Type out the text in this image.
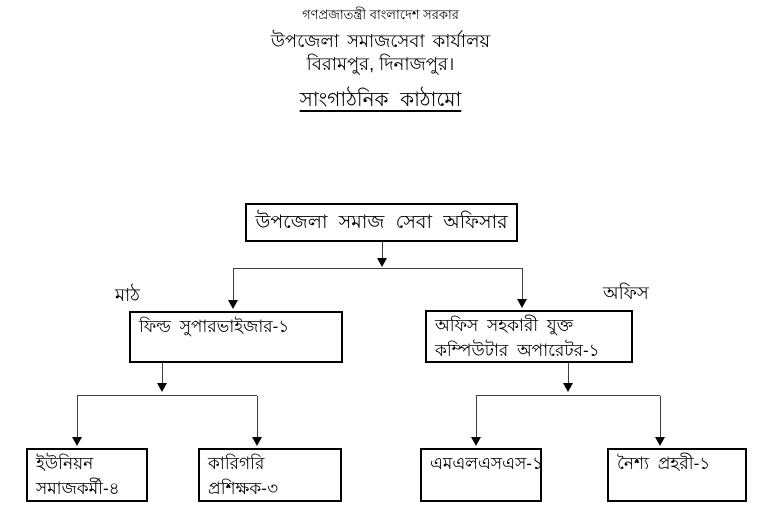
গণপ্রজাতন্ত্রী বাংলাদেশ সরকার
উপজেলা সমাজসেবা কার্যালয়
বিরামপুর, দিনাজপুর।
সাংগাঠনিক কাঠামো
উপজেলা সমাজ সেবা অফিসার
মাঠ	অফিস
ফিল্ড সুপারভাইজার-১	অফিস সহকারী যুক্ত
কম্পিউটার অপারেটর-১
ইউনিয়ন
সমাজকর্মী-৪
কারিগরি
প্রশিক্ষক-৩
এমএলএসএস-১	নৈশ্য প্রহরী-১
